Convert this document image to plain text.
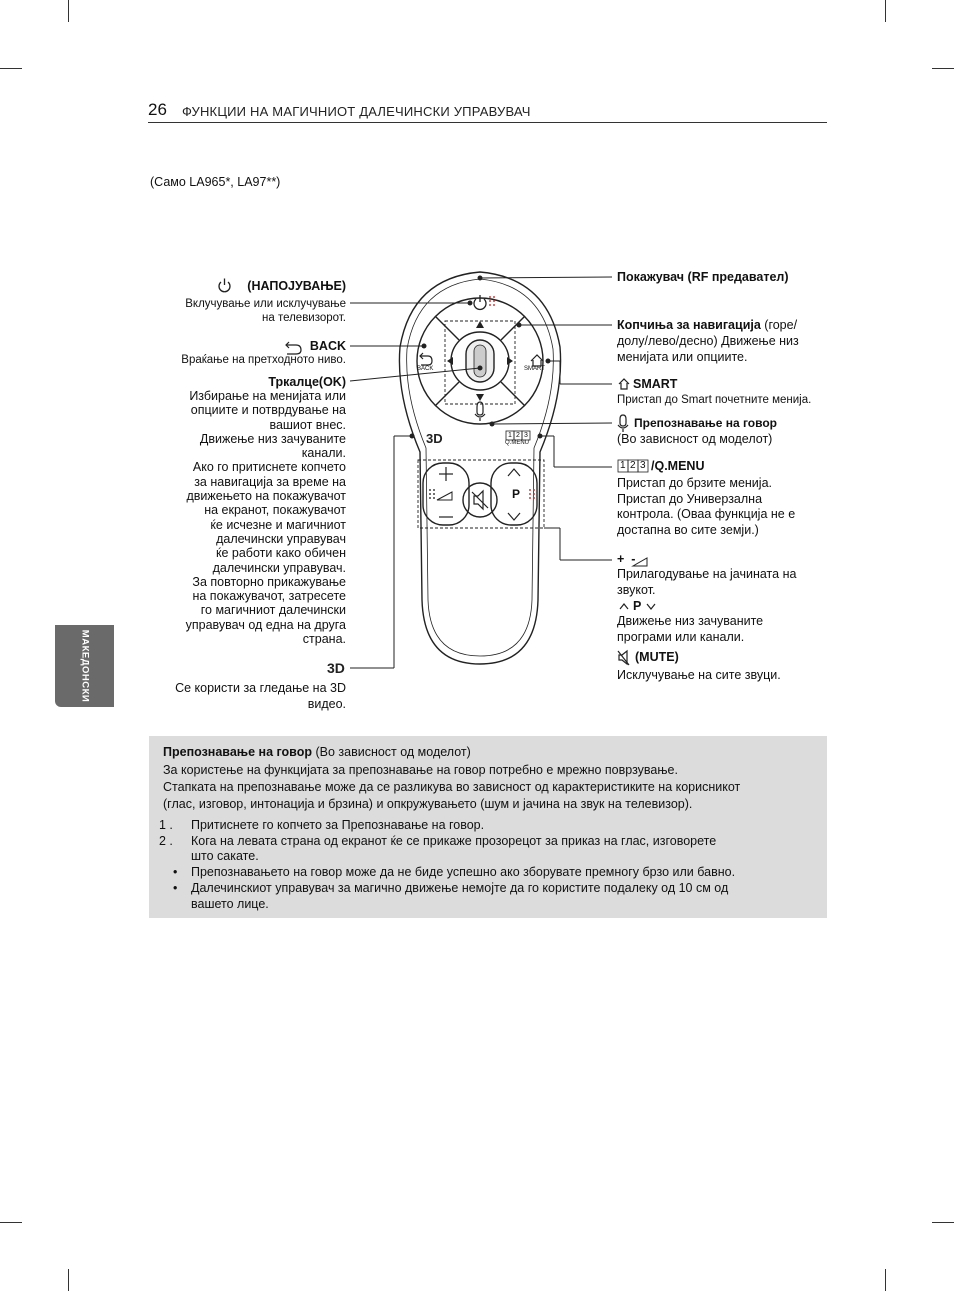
26 ФУНКЦИИ НА МАГИЧНИОТ ДАЛЕЧИНСКИ УПРАВУВАЧ
(Само LA965*, LA97**)
МАКЕДОНСКИ
3D
3D
BACK	SMART
P
Q.MENU
1 2 3
(НАПОЈУВАЊЕ)
Вклучување или исклучување
на телевизорот.
BACK
Враќање на претходното ниво.
Тркалце(OK)
Избирање на менијата или
опциите и потврдување на
вашиот внес.
Движење низ зачуваните
канали.
Ако го притиснете копчето
за навигација за време на
движењето на покажувачот
на екранот, покажувачот
ќе исчезне и магичниот
далечински управувач
ќе работи како обичен
далечински управувач.
За повторно прикажување
на покажувачот, затресете
го магичниот далечински
управувач од една на друга
страна.
Се користи за гледање на 3D
видео.
Покажувач (RF предавател)
Копчиња за навигација (горе/
долу/лево/десно) Движење низ
менијата или опциите.
SMART
Пристап до Smart почетните менија.
Препознавање на говор
(Во зависност од моделот)
/Q.MENU
1 2 3
Пристап до брзите менија.
Пристап до Универзална
контрола. (Оваа функција не е
достапна во сите земји.)
+  -
Прилагодување на јачината на
звукот.
P
Движење низ зачуваните
програми или канали.
(MUTE)
Исклучување на сите звуци.
Препознавање на говор (Во зависност од моделот)
За користење на функцијата за препознавање на говор потребно е мрежно поврзување.
Стапката на препознавање може да се разликува во зависност од карактеристиките на корисникот
(глас, изговор, интонација и брзина) и опкружувањето (шум и јачина на звук на телевизор).
1 . Притиснете го копчето за Препознавање на говор.
2 . Кога на левата страна од екранот ќе се прикаже прозорецот за приказ на глас, изговорете
што сакате.
• Препознавањето на говор може да не биде успешно ако зборувате премногу брзо или бавно.
• Далечинскиот управувач за магично движење немојте да го користите подалеку од 10 см од
вашето лице.
